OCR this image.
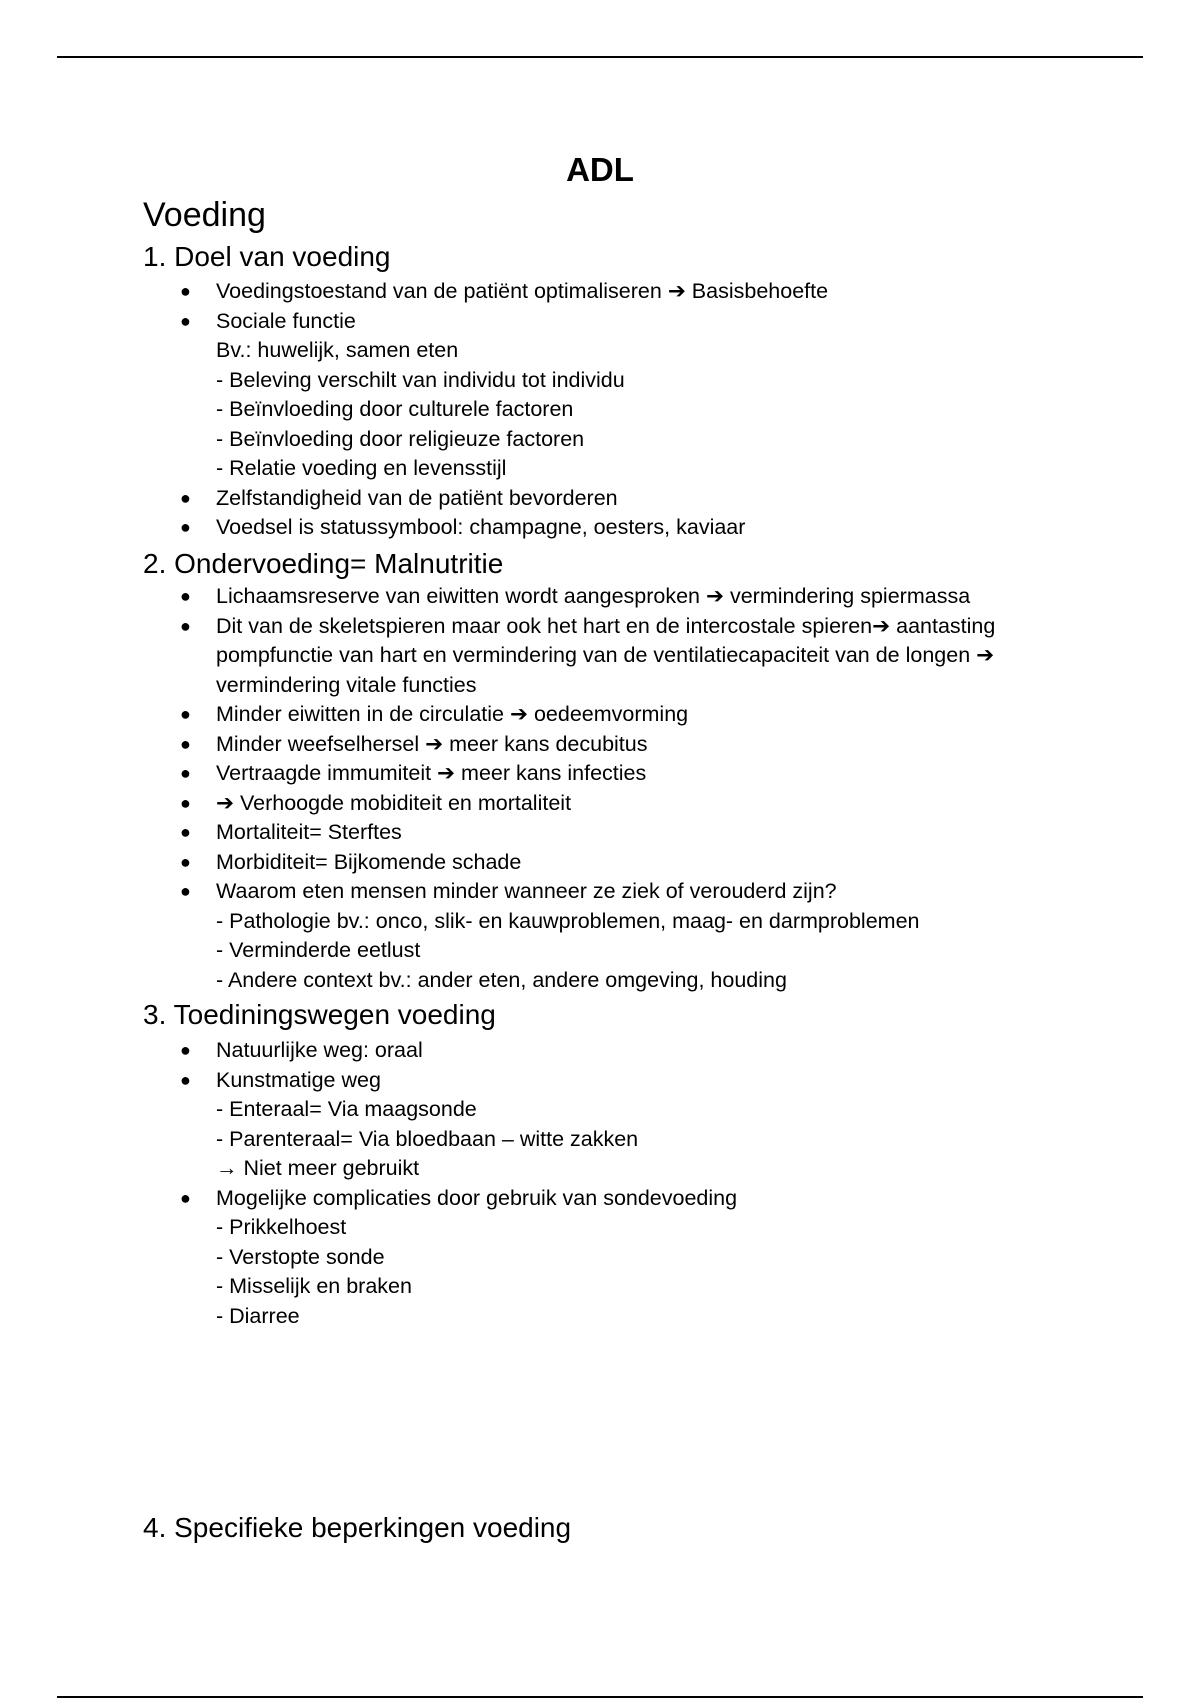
ADL
Voeding
1. Doel van voeding
● Voedingstoestand van de patiënt optimaliseren ➔ Basisbehoefte
● Sociale functie
Bv.: huwelijk, samen eten
- Beleving verschilt van individu tot individu
- Beïnvloeding door culturele factoren
- Beïnvloeding door religieuze factoren
- Relatie voeding en levensstijl
● Zelfstandigheid van de patiënt bevorderen
● Voedsel is statussymbool: champagne, oesters, kaviaar
2. Ondervoeding= Malnutritie
● Lichaamsreserve van eiwitten wordt aangesproken ➔ vermindering spiermassa
● Dit van de skeletspieren maar ook het hart en de intercostale spieren➔ aantasting
pompfunctie van hart en vermindering van de ventilatiecapaciteit van de longen ➔
vermindering vitale functies
● Minder eiwitten in de circulatie ➔ oedeemvorming
● Minder weefselhersel ➔ meer kans decubitus
● Vertraagde immumiteit ➔ meer kans infecties
● ➔ Verhoogde mobiditeit en mortaliteit
● Mortaliteit= Sterftes
● Morbiditeit= Bijkomende schade
● Waarom eten mensen minder wanneer ze ziek of verouderd zijn?
- Pathologie bv.: onco, slik- en kauwproblemen, maag- en darmproblemen
- Verminderde eetlust
- Andere context bv.: ander eten, andere omgeving, houding
3. Toediningswegen voeding
● Natuurlijke weg: oraal
● Kunstmatige weg
- Enteraal= Via maagsonde
- Parenteraal= Via bloedbaan – witte zakken
→ Niet meer gebruikt
● Mogelijke complicaties door gebruik van sondevoeding
- Prikkelhoest
- Verstopte sonde
- Misselijk en braken
- Diarree
4. Specifieke beperkingen voeding
